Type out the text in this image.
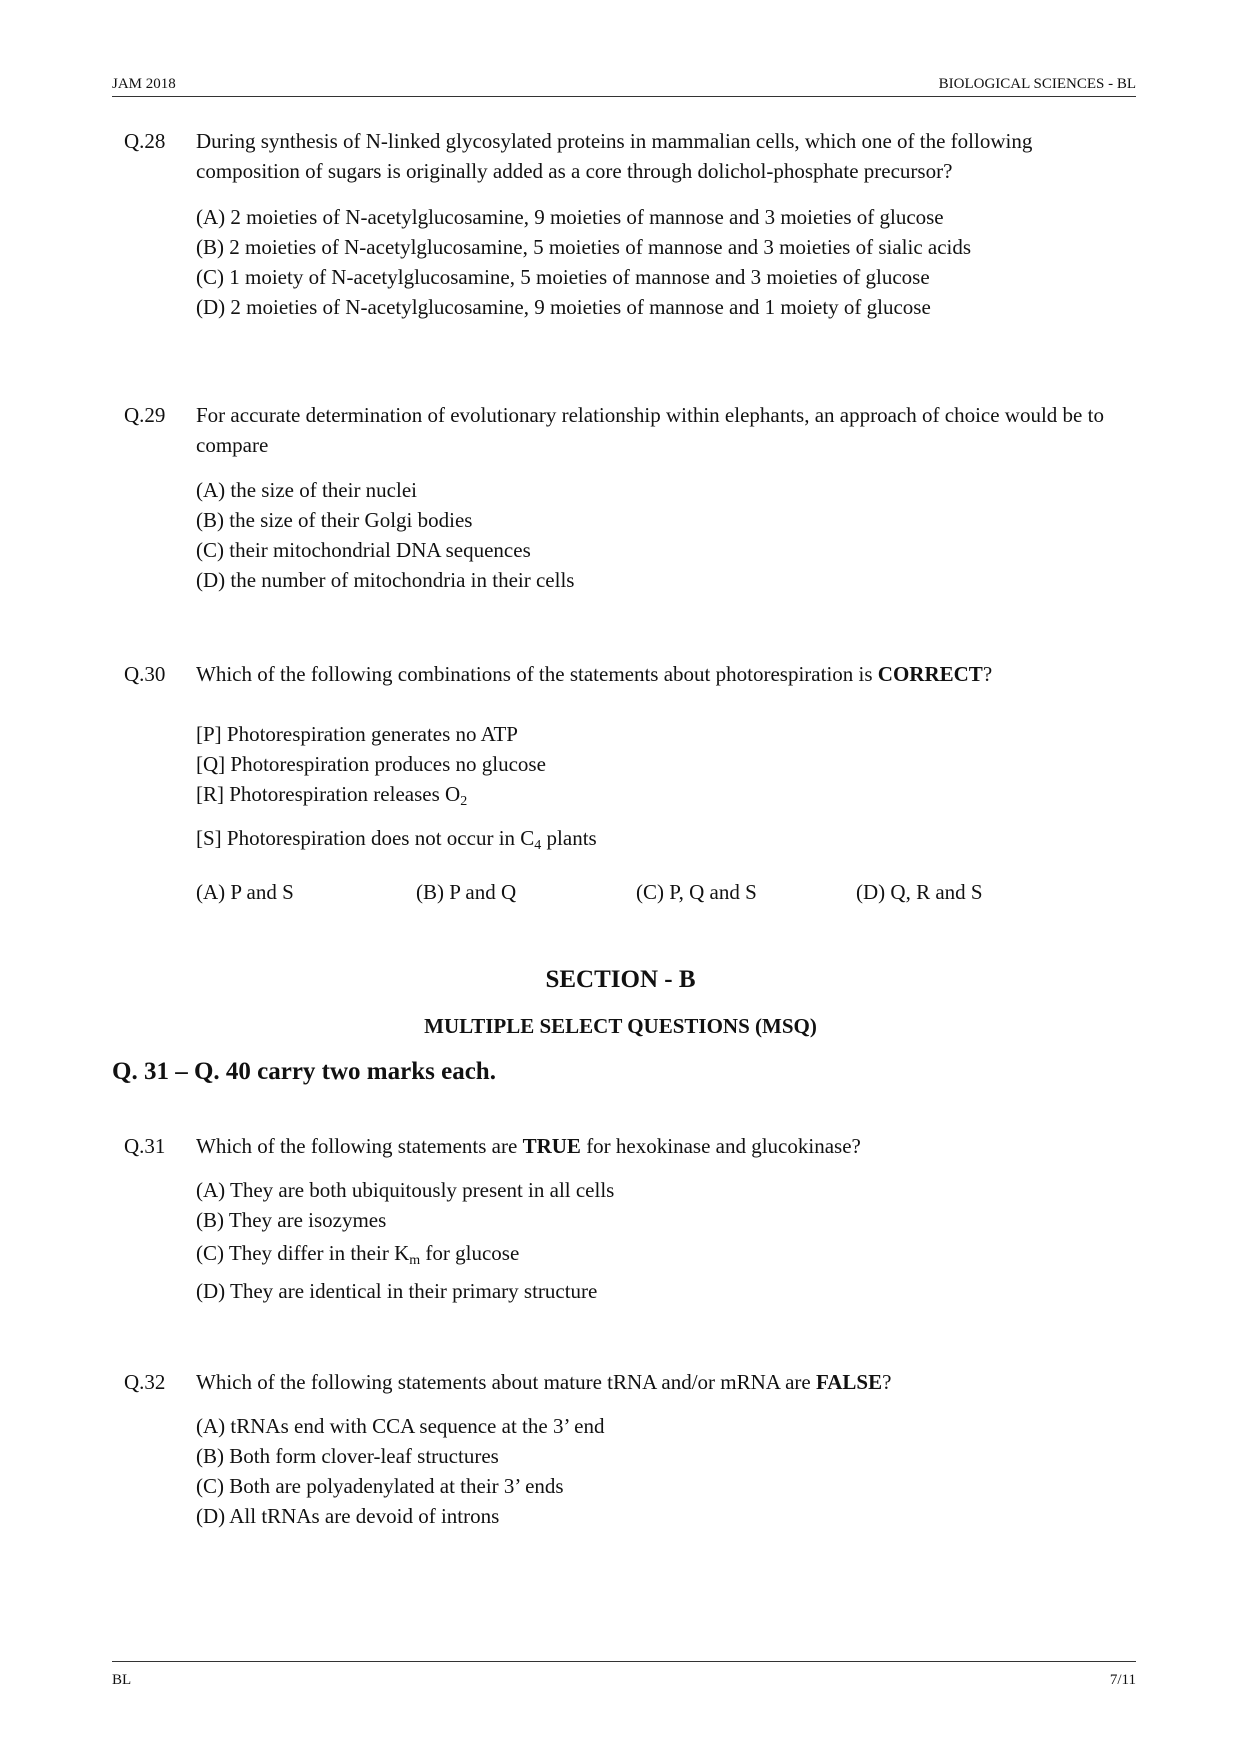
JAM 2018	BIOLOGICAL SCIENCES - BL
Q.28 During synthesis of N-linked glycosylated proteins in mammalian cells, which one of the following composition of sugars is originally added as a core through dolichol-phosphate precursor?
(A) 2 moieties of N-acetylglucosamine, 9 moieties of mannose and 3 moieties of glucose
(B) 2 moieties of N-acetylglucosamine, 5 moieties of mannose and 3 moieties of sialic acids
(C) 1 moiety of N-acetylglucosamine, 5 moieties of mannose and 3 moieties of glucose
(D) 2 moieties of N-acetylglucosamine, 9 moieties of mannose and 1 moiety of glucose
Q.29 For accurate determination of evolutionary relationship within elephants, an approach of choice would be to compare
(A) the size of their nuclei
(B) the size of their Golgi bodies
(C) their mitochondrial DNA sequences
(D) the number of mitochondria in their cells
Q.30 Which of the following combinations of the statements about photorespiration is CORRECT?
[P] Photorespiration generates no ATP
[Q] Photorespiration produces no glucose
[R] Photorespiration releases $O_2$
[S] Photorespiration does not occur in $C_4$ plants
(A) P and S	(B) P and Q	(C) P, Q and S	(D) Q, R and S
SECTION - B
MULTIPLE SELECT QUESTIONS (MSQ)
Q. 31 – Q. 40 carry two marks each.
Q.31 Which of the following statements are TRUE for hexokinase and glucokinase?
(A) They are both ubiquitously present in all cells
(B) They are isozymes
(C) They differ in their $K_m$ for glucose
(D) They are identical in their primary structure
Q.32 Which of the following statements about mature tRNA and/or mRNA are FALSE?
(A) tRNAs end with CCA sequence at the 3’ end
(B) Both form clover-leaf structures
(C) Both are polyadenylated at their 3’ ends
(D) All tRNAs are devoid of introns
BL	7/11
